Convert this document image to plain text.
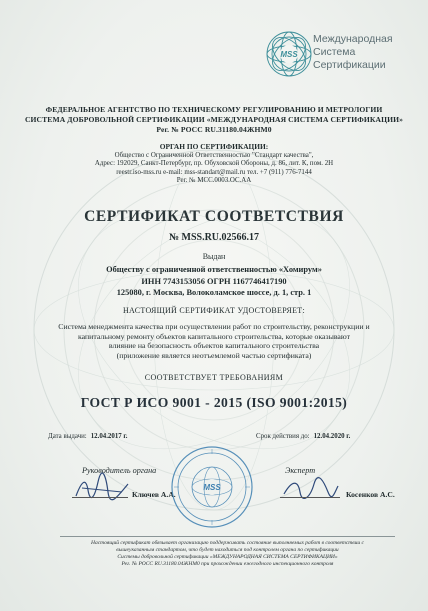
MSS
Международная
Система
Сертификации
ФЕДЕРАЛЬНОЕ АГЕНТСТВО ПО ТЕХНИЧЕСКОМУ РЕГУЛИРОВАНИЮ И МЕТРОЛОГИИ
СИСТЕМА ДОБРОВОЛЬНОЙ СЕРТИФИКАЦИИ «МЕЖДУНАРОДНАЯ СИСТЕМА СЕРТИФИКАЦИИ»
Рег. № РОСС RU.31180.04ЖНМ0
ОРГАН ПО СЕРТИФИКАЦИИ:
Общество с Ограниченной Ответственностью "Стандарт качества",
Адрес: 192029, Санкт-Петербург, пр. Обуховской Обороны, д. 86, лит. К, пом. 2Н
reestr.iso-mss.ru e-mail: mss-standart@mail.ru тел. +7 (911) 776-7144
Рег. № МСС.0003.ОС.АА
СЕРТИФИКАТ СООТВЕТСТВИЯ
№ MSS.RU.02566.17
Выдан
Обществу с ограниченной ответственностью «Хомирум»
ИНН 7743153056 ОГРН 1167746417190
125080, г. Москва, Волоколамское шоссе, д. 1, стр. 1
НАСТОЯЩИЙ СЕРТИФИКАТ УДОСТОВЕРЯЕТ:
Система менеджмента качества при осуществлении работ по строительству, реконструкции и
капитальному ремонту объектов капитального строительства, которые оказывают
влияние на безопасность объектов капитального строительства
(приложение является неотъемлемой частью сертификата)
СООТВЕТСТВУЕТ ТРЕБОВАНИЯМ
ГОСТ Р ИСО 9001 - 2015 (ISO 9001:2015)
Дата выдачи: 12.04.2017 г.	Срок действия до: 12.04.2020 г.
Руководитель органа
Ключев А.А.
Эксперт
Косенков А.С.
MSS
Настоящий сертификат обязывает организацию поддерживать состояние выполняемых работ в соответствии с
вышеуказанным стандартом, что будет находиться под контролем органа по сертификации
Системы добровольной сертификации «МЕЖДУНАРОДНАЯ СИСТЕМА СЕРТИФИКАЦИИ»
Рег. № РОСС RU.31180.04ЖНМ0 при прохождении ежегодного инспекционного контроля
